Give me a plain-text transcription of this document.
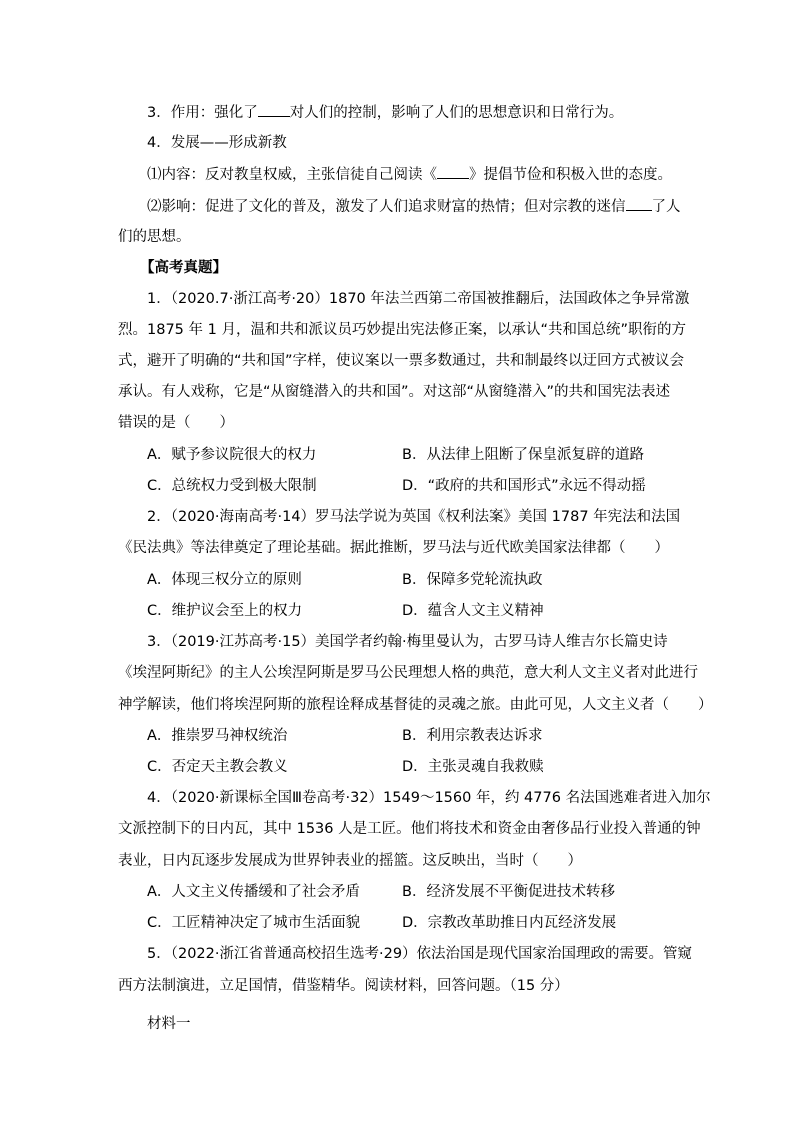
3．作用：强化了 对人们的控制，影响了人们的思想意识和日常行为。
4．发展——形成新教
⑴内容：反对教皇权威，主张信徒自己阅读《 》提倡节俭和积极入世的态度。
⑵影响：促进了文化的普及，激发了人们追求财富的热情；但对宗教的迷信 了人
们的思想。
【高考真题】
1．（2020.7·浙江高考·20）1870 年法兰西第二帝国被推翻后，法国政体之争异常激
烈。1875 年 1 月，温和共和派议员巧妙提出宪法修正案，以承认“共和国总统”职衔的方
式，避开了明确的“共和国”字样，使议案以一票多数通过，共和制最终以迂回方式被议会
承认。有人戏称，它是“从窗缝潜入的共和国”。对这部“从窗缝潜入”的共和国宪法表述
错误的是（　　）
A．赋予参议院很大的权力	B．从法律上阻断了保皇派复辟的道路
C．总统权力受到极大限制	D．“政府的共和国形式”永远不得动摇
2．（2020·海南高考·14）罗马法学说为英国《权利法案》美国 1787 年宪法和法国
《民法典》等法律奠定了理论基础。据此推断，罗马法与近代欧美国家法律都（　　）
A．体现三权分立的原则	B．保障多党轮流执政
C．维护议会至上的权力	D．蕴含人文主义精神
3．（2019·江苏高考·15）美国学者约翰·梅里曼认为，古罗马诗人维吉尔长篇史诗
《埃涅阿斯纪》的主人公埃涅阿斯是罗马公民理想人格的典范，意大利人文主义者对此进行
神学解读，他们将埃涅阿斯的旅程诠释成基督徒的灵魂之旅。由此可见，人文主义者（　　）
A．推崇罗马神权统治	B．利用宗教表达诉求
C．否定天主教会教义	D．主张灵魂自我救赎
4．（2020·新课标全国Ⅲ卷高考·32）1549～1560 年，约 4776 名法国逃难者进入加尔
文派控制下的日内瓦，其中 1536 人是工匠。他们将技术和资金由奢侈品行业投入普通的钟
表业，日内瓦逐步发展成为世界钟表业的摇篮。这反映出，当时（　　）
A．人文主义传播缓和了社会矛盾	B．经济发展不平衡促进技术转移
C．工匠精神决定了城市生活面貌	D．宗教改革助推日内瓦经济发展
5．（2022·浙江省普通高校招生选考·29）依法治国是现代国家治国理政的需要。管窥
西方法制演进，立足国情，借鉴精华。阅读材料，回答问题。（15 分）
材料一
